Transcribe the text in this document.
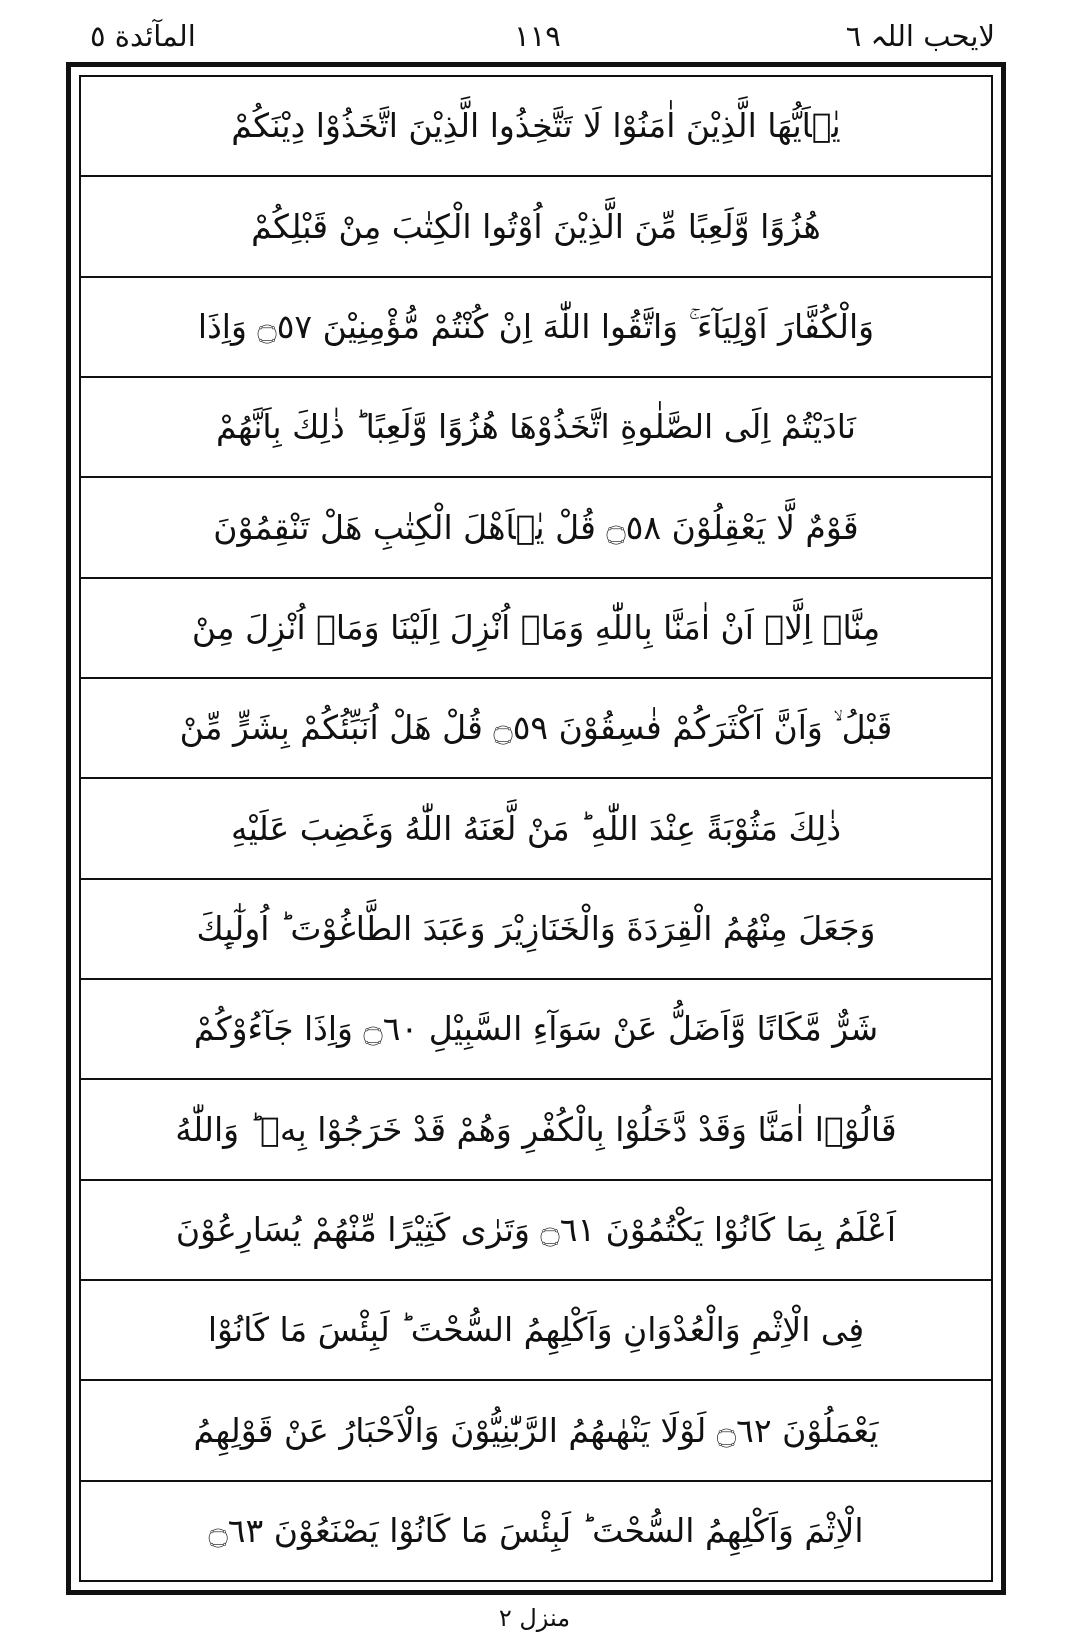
المآئدة ٥	١١٩	لایحب اللہ ٦
یٰۤاَیُّهَا الَّذِیْنَ اٰمَنُوْا لَا تَتَّخِذُوا الَّذِیْنَ اتَّخَذُوْا دِیْنَكُمْ
هُزُوًا وَّلَعِبًا مِّنَ الَّذِیْنَ اُوْتُوا الْكِتٰبَ مِنْ قَبْلِكُمْ
وَالْكُفَّارَ اَوْلِیَآءَ ۚ وَاتَّقُوا اللّٰهَ اِنْ كُنْتُمْ مُّؤْمِنِیْنَ ۝٥٧ وَاِذَا
نَادَیْتُمْ اِلَى الصَّلٰوةِ اتَّخَذُوْهَا هُزُوًا وَّلَعِبًا ؕ ذٰلِكَ بِاَنَّهُمْ
قَوْمٌ لَّا یَعْقِلُوْنَ ۝٥٨ قُلْ یٰۤاَهْلَ الْكِتٰبِ هَلْ تَنْقِمُوْنَ
مِنَّاۤ اِلَّاۤ اَنْ اٰمَنَّا بِاللّٰهِ وَمَاۤ اُنْزِلَ اِلَیْنَا وَمَاۤ اُنْزِلَ مِنْ
قَبْلُ ۙ وَاَنَّ اَكْثَرَكُمْ فٰسِقُوْنَ ۝٥٩ قُلْ هَلْ اُنَبِّئُكُمْ بِشَرٍّ مِّنْ
ذٰلِكَ مَثُوْبَةً عِنْدَ اللّٰهِ ؕ مَنْ لَّعَنَهُ اللّٰهُ وَغَضِبَ عَلَیْهِ
وَجَعَلَ مِنْهُمُ الْقِرَدَةَ وَالْخَنَازِیْرَ وَعَبَدَ الطَّاغُوْتَ ؕ اُولٰٓىِٕكَ
شَرٌّ مَّكَانًا وَّاَضَلُّ عَنْ سَوَآءِ السَّبِیْلِ ۝٦٠ وَاِذَا جَآءُوْكُمْ
قَالُوْۤا اٰمَنَّا وَقَدْ دَّخَلُوْا بِالْكُفْرِ وَهُمْ قَدْ خَرَجُوْا بِهٖ ؕ وَاللّٰهُ
اَعْلَمُ بِمَا كَانُوْا یَكْتُمُوْنَ ۝٦١ وَتَرٰى كَثِیْرًا مِّنْهُمْ یُسَارِعُوْنَ
فِی الْاِثْمِ وَالْعُدْوَانِ وَاَكْلِهِمُ السُّحْتَ ؕ لَبِئْسَ مَا كَانُوْا
یَعْمَلُوْنَ ۝٦٢ لَوْلَا یَنْهٰىهُمُ الرَّبّٰنِیُّوْنَ وَالْاَحْبَارُ عَنْ قَوْلِهِمُ
الْاِثْمَ وَاَكْلِهِمُ السُّحْتَ ؕ لَبِئْسَ مَا كَانُوْا یَصْنَعُوْنَ ۝٦٣
منزل ٢
